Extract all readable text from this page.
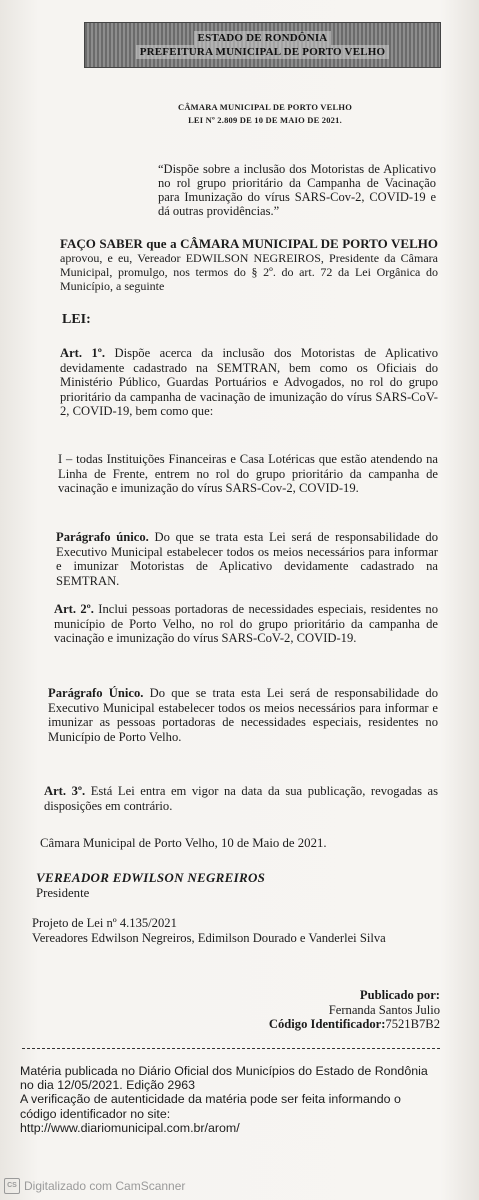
ESTADO DE RONDÔNIA
PREFEITURA MUNICIPAL DE PORTO VELHO
CÂMARA MUNICIPAL DE PORTO VELHO
LEI Nº 2.809 DE 10 DE MAIO DE 2021.
“Dispõe sobre a inclusão dos Motoristas de Aplicativo no rol grupo prioritário da Campanha de Vacinação para Imunização do vírus SARS-Cov-2, COVID-19 e dá outras providências.”
FAÇO SABER que a CÂMARA MUNICIPAL DE PORTO VELHO aprovou, e eu, Vereador EDWILSON NEGREIROS, Presidente da Câmara Municipal, promulgo, nos termos do § 2º. do art. 72 da Lei Orgânica do Município, a seguinte
LEI:
Art. 1º. Dispõe acerca da inclusão dos Motoristas de Aplicativo devidamente cadastrado na SEMTRAN, bem como os Oficiais do Ministério Público, Guardas Portuários e Advogados, no rol do grupo prioritário da campanha de vacinação de imunização do vírus SARS-CoV-2, COVID-19, bem como que:
I – todas Instituições Financeiras e Casa Lotéricas que estão atendendo na Linha de Frente, entrem no rol do grupo prioritário da campanha de vacinação e imunização do vírus SARS-Cov-2, COVID-19.
Parágrafo único. Do que se trata esta Lei será de responsabilidade do Executivo Municipal estabelecer todos os meios necessários para informar e imunizar Motoristas de Aplicativo devidamente cadastrado na SEMTRAN.
Art. 2º. Inclui pessoas portadoras de necessidades especiais, residentes no município de Porto Velho, no rol do grupo prioritário da campanha de vacinação e imunização do vírus SARS-CoV-2, COVID-19.
Parágrafo Único. Do que se trata esta Lei será de responsabilidade do Executivo Municipal estabelecer todos os meios necessários para informar e imunizar as pessoas portadoras de necessidades especiais, residentes no Município de Porto Velho.
Art. 3º. Está Lei entra em vigor na data da sua publicação, revogadas as disposições em contrário.
Câmara Municipal de Porto Velho, 10 de Maio de 2021.
VEREADOR EDWILSON NEGREIROS
Presidente
Projeto de Lei nº 4.135/2021
Vereadores Edwilson Negreiros, Edimilson Dourado e Vanderlei Silva
Publicado por:
Fernanda Santos Julio
Código Identificador:7521B7B2
Matéria publicada no Diário Oficial dos Municípios do Estado de Rondônia no dia 12/05/2021. Edição 2963
A verificação de autenticidade da matéria pode ser feita informando o código identificador no site:
http://www.diariomunicipal.com.br/arom/
CS Digitalizado com CamScanner
